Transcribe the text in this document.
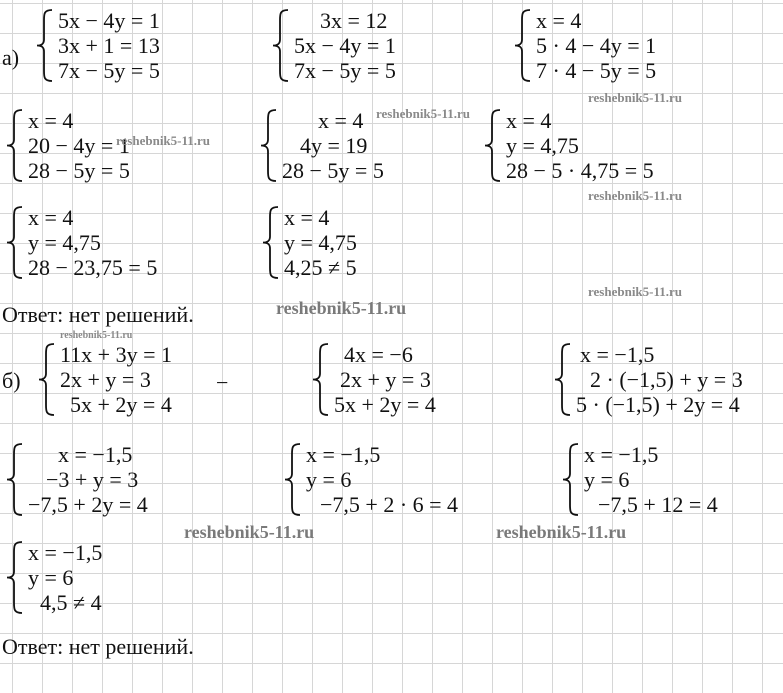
а)
5x − 4y = 1
3x + 1 = 13
7x − 5y = 5
3x = 12
5x − 4y = 1
7x − 5y = 5
x = 4
5 · 4 − 4y = 1
7 · 4 − 5y = 5
x = 4
20 − 4y = 1
28 − 5y = 5
x = 4
4y = 19
28 − 5y = 5
x = 4
y = 4,75
28 − 5 · 4,75 = 5
x = 4
y = 4,75
28 − 23,75 = 5
x = 4
y = 4,75
4,25 ≠ 5
Ответ: нет решений.
б)	−
11x + 3y = 1
2x + y = 3
5x + 2y = 4
4x = −6
2x + y = 3
5x + 2y = 4
x = −1,5
2 · (−1,5) + y = 3
5 · (−1,5) + 2y = 4
x = −1,5
−3 + y = 3
−7,5 + 2y = 4
x = −1,5
y = 6
−7,5 + 2 · 6 = 4
x = −1,5
y = 6
−7,5 + 12 = 4
x = −1,5
y = 6
4,5 ≠ 4
Ответ: нет решений.
reshebnik5-11.ru
reshebnik5-11.ru
reshebnik5-11.ru
reshebnik5-11.ru
reshebnik5-11.ru
reshebnik5-11.ru
reshebnik5-11.ru
reshebnik5-11.ru	reshebnik5-11.ru
